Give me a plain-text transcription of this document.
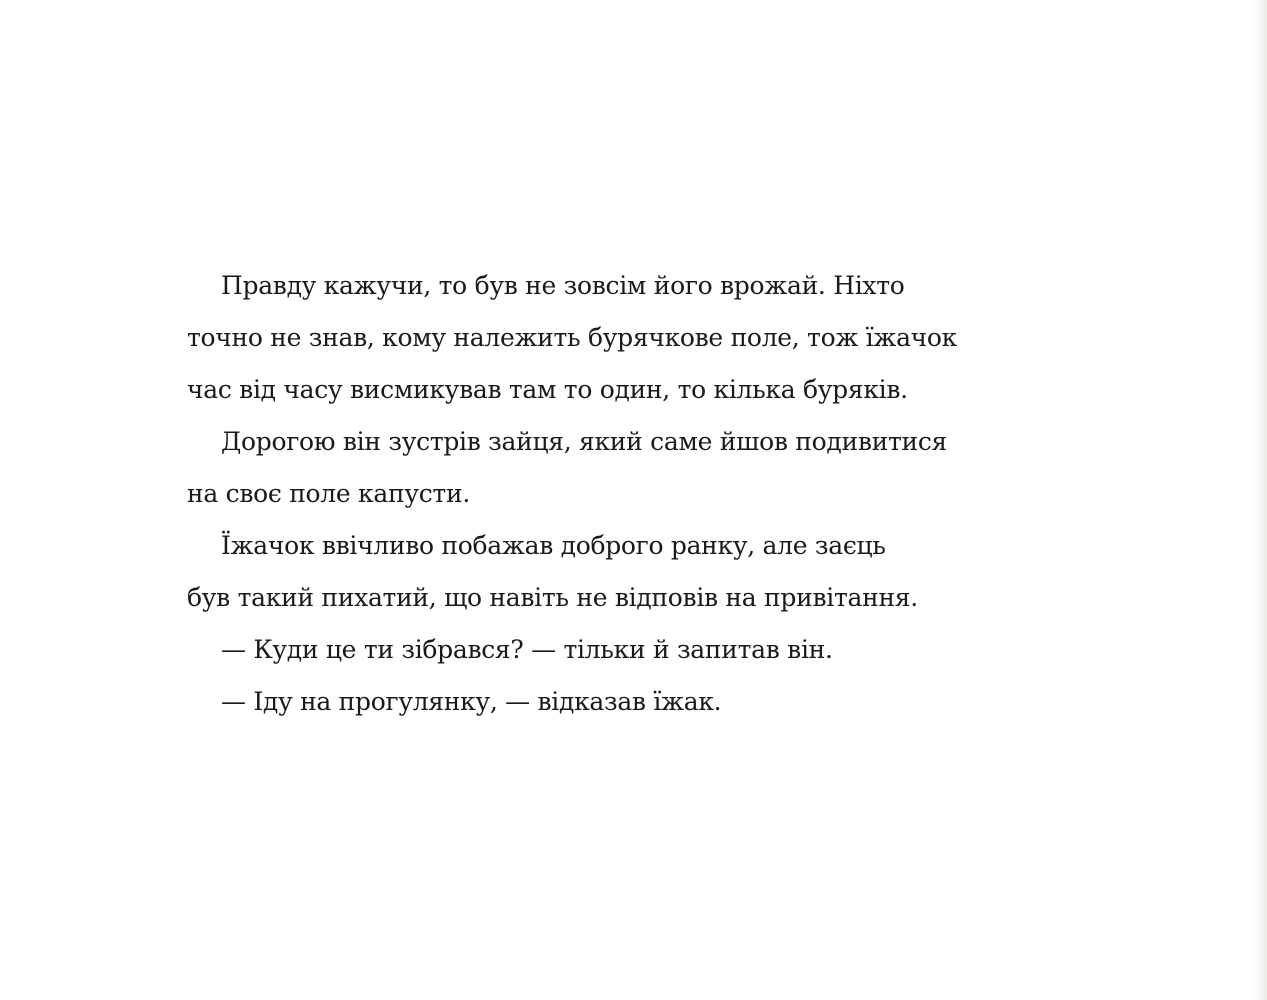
Правду кажучи, то був не зовсім його врожай. Ніхто
точно не знав, кому належить бурячкове поле, тож їжачок
час від часу висмикував там то один, то кілька буряків.
Дорогою він зустрів зайця, який саме йшов подивитися
на своє поле капусти.
Їжачок ввічливо побажав доброго ранку, але заєць
був такий пихатий, що навіть не відповів на привітання.
— Куди це ти зібрався? — тільки й запитав він.
— Іду на прогулянку, — відказав їжак.
